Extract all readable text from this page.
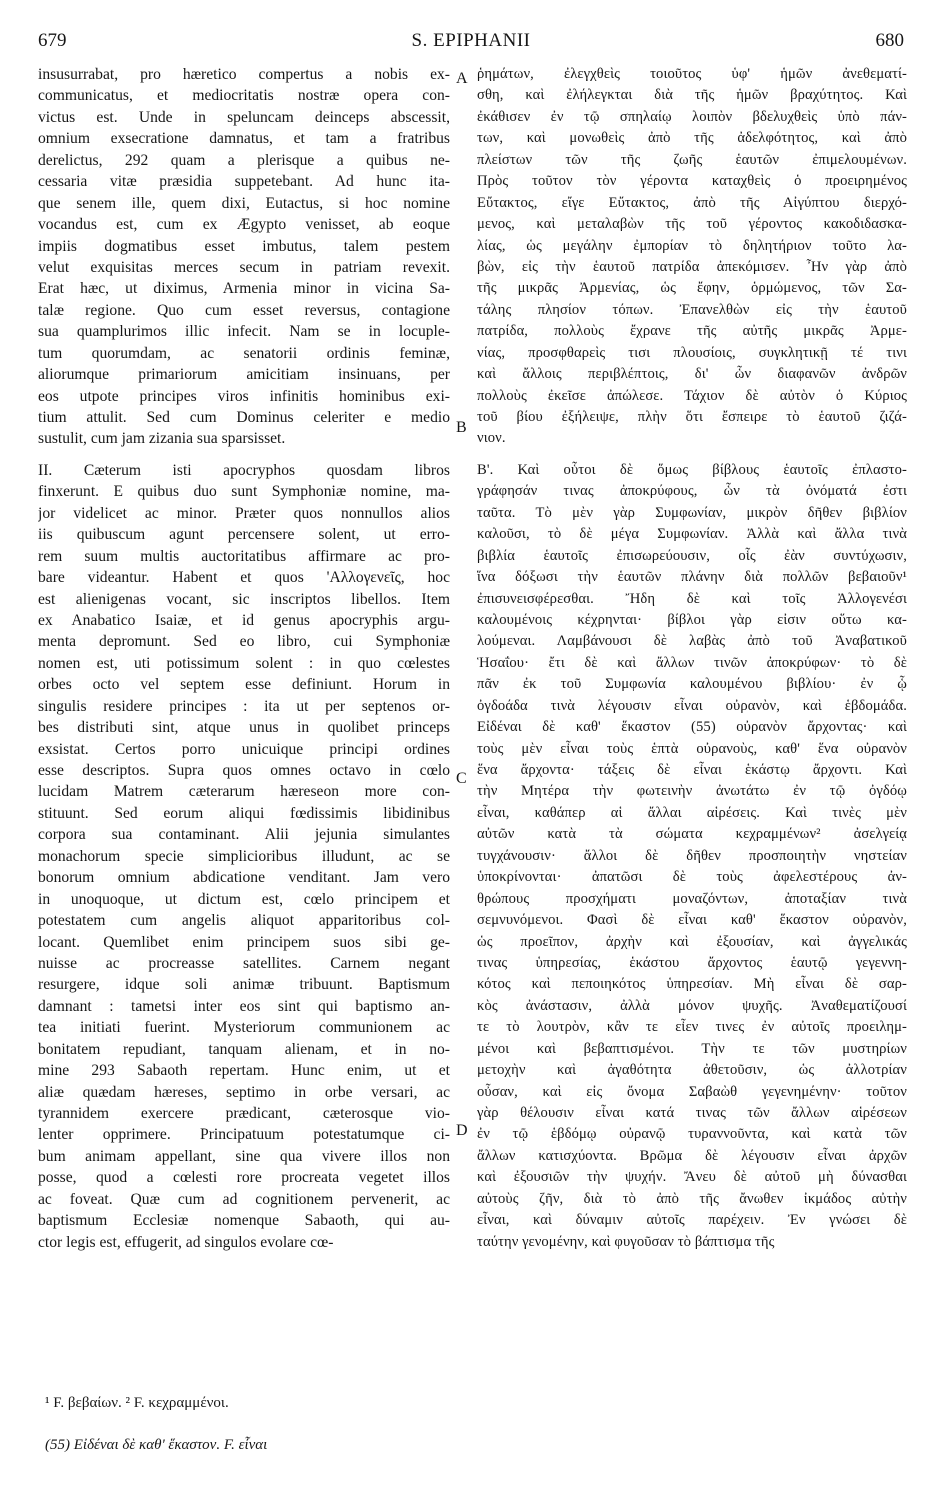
679	S. EPIPHANII	680
insusurrabat, pro hæretico compertus a nobis ex-
communicatus, et mediocritatis nostræ opera con-
victus est. Unde in speluncam deinceps abscessit,
omnium exsecratione damnatus, et tam a fratribus
derelictus, 292 quam a plerisque a quibus ne-
cessaria vitæ præsidia suppetebant. Ad hunc ita-
que senem ille, quem dixi, Eutactus, si hoc nomine
vocandus est, cum ex Ægypto venisset, ab eoque
impiis dogmatibus esset imbutus, talem pestem
velut exquisitas merces secum in patriam revexit.
Erat hæc, ut diximus, Armenia minor in vicina Sa-
talæ regione. Quo cum esset reversus, contagione
sua quamplurimos illic infecit. Nam se in locuple-
tum quorumdam, ac senatorii ordinis feminæ,
aliorumque primariorum amicitiam insinuans, per
eos utpote principes viros infinitis hominibus exi-
tium attulit. Sed cum Dominus celeriter e medio
sustulit, cum jam zizania sua sparsisset.
II. Cæterum isti apocryphos quosdam libros
finxerunt. E quibus duo sunt Symphoniæ nomine, ma-
jor videlicet ac minor. Præter quos nonnullos alios
iis quibuscum agunt percensere solent, ut erro-
rem suum multis auctoritatibus affirmare ac pro-
bare videantur. Habent et quos 'Αλλογενεῖς, hoc
est alienigenas vocant, sic inscriptos libellos. Item
ex Anabatico Isaiæ, et id genus apocryphis argu-
menta depromunt. Sed eo libro, cui Symphoniæ
nomen est, uti potissimum solent : in quo cœlestes
orbes octo vel septem esse definiunt. Horum in
singulis residere principes : ita ut per septenos or-
bes distributi sint, atque unus in quolibet princeps
exsistat. Certos porro unicuique principi ordines
esse descriptos. Supra quos omnes octavo in cœlo
lucidam Matrem cæterarum hæreseon more con-
stituunt. Sed eorum aliqui fœdissimis libidinibus
corpora sua contaminant. Alii jejunia simulantes
monachorum specie simplicioribus illudunt, ac se
bonorum omnium abdicatione venditant. Jam vero
in unoquoque, ut dictum est, cœlo principem et
potestatem cum angelis aliquot apparitoribus col-
locant. Quemlibet enim principem suos sibi ge-
nuisse ac procreasse satellites. Carnem negant
resurgere, idque soli animæ tribuunt. Baptismum
damnant : tametsi inter eos sint qui baptismo an-
tea initiati fuerint. Mysteriorum communionem ac
bonitatem repudiant, tanquam alienam, et in no-
mine 293 Sabaoth repertam. Hunc enim, ut et
aliæ quædam hæreses, septimo in orbe versari, ac
tyrannidem exercere prædicant, cæterosque vio-
lenter opprimere. Principatuum potestatumque ci-
bum animam appellant, sine qua vivere illos non
posse, quod a cœlesti rore procreata vegetet illos
ac foveat. Quæ cum ad cognitionem pervenerit, ac
baptismum Ecclesiæ nomenque Sabaoth, qui au-
ctor legis est, effugerit, ad singulos evolare cœ-
A
B
C
D
ῥημάτων, ἐλεγχθεὶς τοιοῦτος ὑφ' ἡμῶν ἀνεθεματί-
σθη, καὶ ἐλήλεγκται διὰ τῆς ἡμῶν βραχύτητος. Καὶ
ἐκάθισεν ἐν τῷ σπηλαίῳ λοιπὸν βδελυχθεὶς ὑπὸ πάν-
των, καὶ μονωθεὶς ἀπὸ τῆς ἀδελφότητος, καὶ ἀπὸ
πλείστων τῶν τῆς ζωῆς ἑαυτῶν ἐπιμελουμένων.
Πρὸς τοῦτον τὸν γέροντα καταχθεὶς ὁ προειρημένος
Εὔτακτος, εἴγε Εὔτακτος, ἀπὸ τῆς Αἰγύπτου διερχό-
μενος, καὶ μεταλαβὼν τῆς τοῦ γέροντος κακοδιδασκα-
λίας, ὡς μεγάλην ἐμπορίαν τὸ δηλητήριον τοῦτο λα-
βὼν, εἰς τὴν ἑαυτοῦ πατρίδα ἀπεκόμισεν. Ἦν γὰρ ἀπὸ
τῆς μικρᾶς Ἀρμενίας, ὡς ἔφην, ὁρμώμενος, τῶν Σα-
τάλης πλησίον τόπων. Ἐπανελθὼν εἰς τὴν ἑαυτοῦ
πατρίδα, πολλοὺς ἔχρανε τῆς αὐτῆς μικρᾶς Ἀρμε-
νίας, προσφθαρεὶς τισι πλουσίοις, συγκλητικῇ τέ τινι
καὶ ἄλλοις περιβλέπτοις, δι' ὧν διαφανῶν ἀνδρῶν
πολλοὺς ἐκεῖσε ἀπώλεσε. Τάχιον δὲ αὐτὸν ὁ Κύριος
τοῦ βίου ἐξήλειψε, πλὴν ὅτι ἔσπειρε τὸ ἑαυτοῦ ζιζά-
νιον.
Β'. Καὶ οὗτοι δὲ ὅμως βίβλους ἑαυτοῖς ἐπλαστο-
γράφησάν τινας ἀποκρύφους, ὧν τὰ ὀνόματά ἐστι
ταῦτα. Τὸ μὲν γὰρ Συμφωνίαν, μικρὸν δῆθεν βιβλίον
καλοῦσι, τὸ δὲ μέγα Συμφωνίαν. Ἀλλὰ καὶ ἄλλα τινὰ
βιβλία ἑαυτοῖς ἐπισωρεύουσιν, οἷς ἐὰν συντύχωσιν,
ἵνα δόξωσι τὴν ἑαυτῶν πλάνην διὰ πολλῶν βεβαιοῦν¹
ἐπισυνεισφέρεσθαι. Ἤδη δὲ καὶ τοῖς Ἀλλογενέσι
καλουμένοις κέχρηνται· βίβλοι γὰρ εἰσιν οὕτω κα-
λούμεναι. Λαμβάνουσι δὲ λαβὰς ἀπὸ τοῦ Ἀναβατικοῦ
Ἡσαΐου· ἔτι δὲ καὶ ἄλλων τινῶν ἀποκρύφων· τὸ δὲ
πᾶν ἐκ τοῦ Συμφωνία καλουμένου βιβλίου· ἐν ᾧ
ὀγδοάδα τινὰ λέγουσιν εἶναι οὐρανὸν, καὶ ἑβδομάδα.
Εἰδέναι δὲ καθ' ἕκαστον (55) οὐρανὸν ἄρχοντας· καὶ
τοὺς μὲν εἶναι τοὺς ἑπτὰ οὐρανοὺς, καθ' ἕνα οὐρανὸν
ἕνα ἄρχοντα· τάξεις δὲ εἶναι ἑκάστῳ ἄρχοντι. Καὶ
τὴν Μητέρα τὴν φωτεινὴν ἀνωτάτω ἐν τῷ ὀγδόῳ
εἶναι, καθάπερ αἱ ἄλλαι αἱρέσεις. Καὶ τινὲς μὲν
αὐτῶν κατὰ τὰ σώματα κεχραμμένων² ἀσελγείᾳ
τυγχάνουσιν· ἄλλοι δὲ δῆθεν προσποιητὴν νηστείαν
ὑποκρίνονται· ἀπατῶσι δὲ τοὺς ἀφελεστέρους ἀν-
θρώπους προσχήματι μοναζόντων, ἀποταξίαν τινὰ
σεμνυνόμενοι. Φασὶ δὲ εἶναι καθ' ἕκαστον οὐρανὸν,
ὡς προεῖπον, ἀρχὴν καὶ ἐξουσίαν, καὶ ἀγγελικάς
τινας ὑπηρεσίας, ἑκάστου ἄρχοντος ἑαυτῷ γεγεννη-
κότος καὶ πεποιηκότος ὑπηρεσίαν. Μὴ εἶναι δὲ σαρ-
κὸς ἀνάστασιν, ἀλλὰ μόνον ψυχῆς. Ἀναθεματίζουσί
τε τὸ λουτρὸν, κἂν τε εἶεν τινες ἐν αὐτοῖς προειλημ-
μένοι καὶ βεβαπτισμένοι. Τὴν τε τῶν μυστηρίων
μετοχὴν καὶ ἀγαθότητα ἀθετοῦσιν, ὡς ἀλλοτρίαν
οὖσαν, καὶ εἰς ὄνομα Σαβαὼθ γεγενημένην· τοῦτον
γὰρ θέλουσιν εἶναι κατά τινας τῶν ἄλλων αἱρέσεων
ἐν τῷ ἑβδόμῳ οὐρανῷ τυραννοῦντα, καὶ κατὰ τῶν
ἄλλων κατισχύοντα. Βρῶμα δὲ λέγουσιν εἶναι ἀρχῶν
καὶ ἐξουσιῶν τὴν ψυχήν. Ἄνευ δὲ αὐτοῦ μὴ δύνασθαι
αὐτοὺς ζῆν, διὰ τὸ ἀπὸ τῆς ἄνωθεν ἰκμάδος αὐτὴν
εἶναι, καὶ δύναμιν αὐτοῖς παρέχειν. Ἐν γνώσει δὲ
ταύτην γενομένην, καὶ φυγοῦσαν τὸ βάπτισμα τῆς
¹ F. βεβαίων. ² F. κεχραμμένοι.
(55) Εἰδέναι δὲ καθ' ἕκαστον. F. εἶναι
